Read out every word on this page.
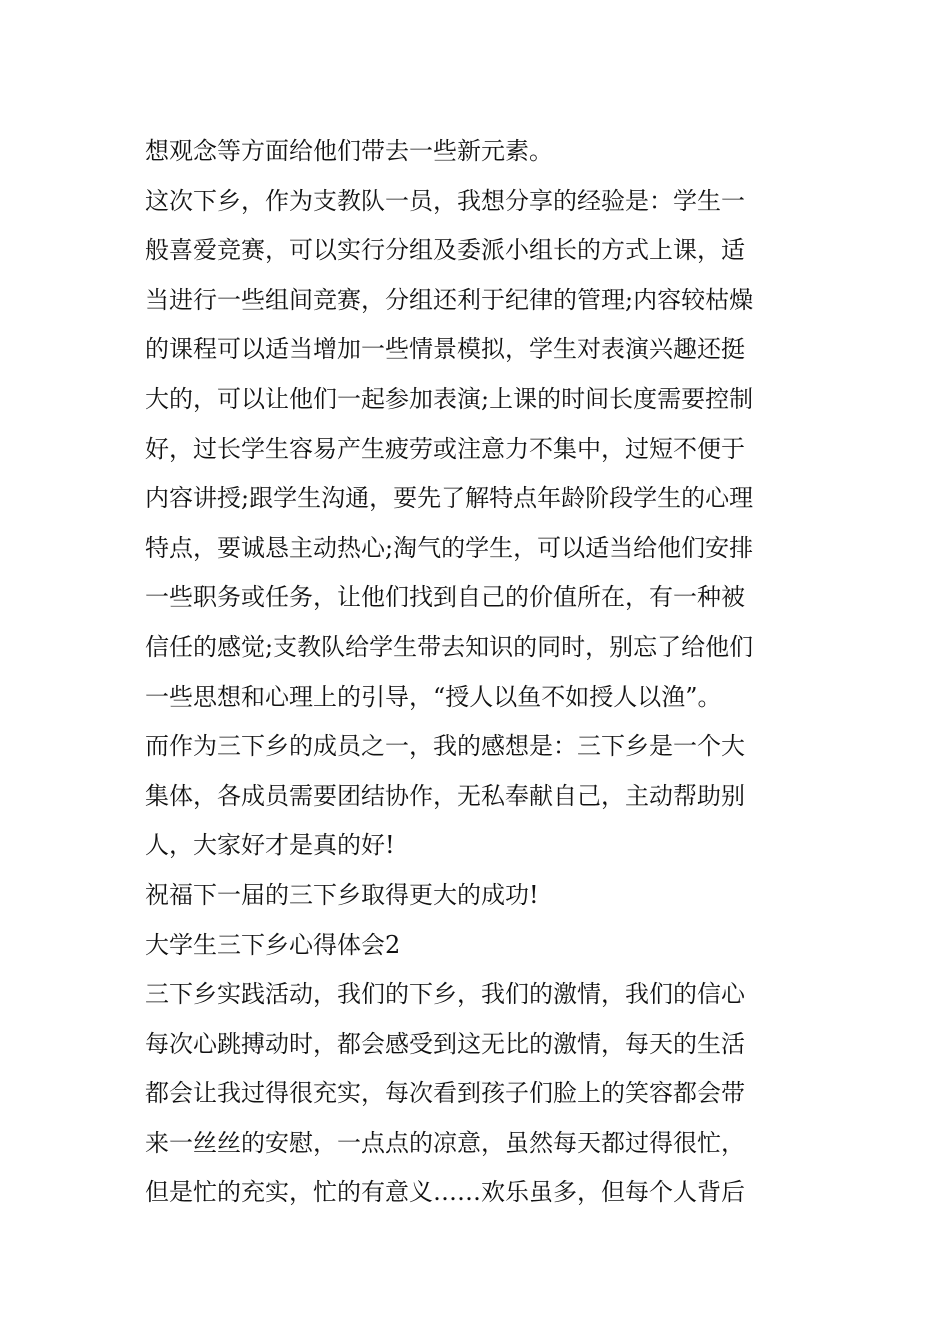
想观念等方面给他们带去一些新元素。
这次下乡，作为支教队一员，我想分享的经验是：学生一
般喜爱竞赛，可以实行分组及委派小组长的方式上课，适
当进行一些组间竞赛，分组还利于纪律的管理;内容较枯燥
的课程可以适当增加一些情景模拟，学生对表演兴趣还挺
大的，可以让他们一起参加表演;上课的时间长度需要控制
好，过长学生容易产生疲劳或注意力不集中，过短不便于
内容讲授;跟学生沟通，要先了解特点年龄阶段学生的心理
特点，要诚恳主动热心;淘气的学生，可以适当给他们安排
一些职务或任务，让他们找到自己的价值所在，有一种被
信任的感觉;支教队给学生带去知识的同时，别忘了给他们
一些思想和心理上的引导，“授人以鱼不如授人以渔”。
而作为三下乡的成员之一，我的感想是：三下乡是一个大
集体，各成员需要团结协作，无私奉献自己，主动帮助别
人，大家好才是真的好!
祝福下一届的三下乡取得更大的成功!
大学生三下乡心得体会2
三下乡实践活动，我们的下乡，我们的激情，我们的信心
每次心跳搏动时，都会感受到这无比的激情，每天的生活
都会让我过得很充实，每次看到孩子们脸上的笑容都会带
来一丝丝的安慰，一点点的凉意，虽然每天都过得很忙，
但是忙的充实，忙的有意义……欢乐虽多，但每个人背后
